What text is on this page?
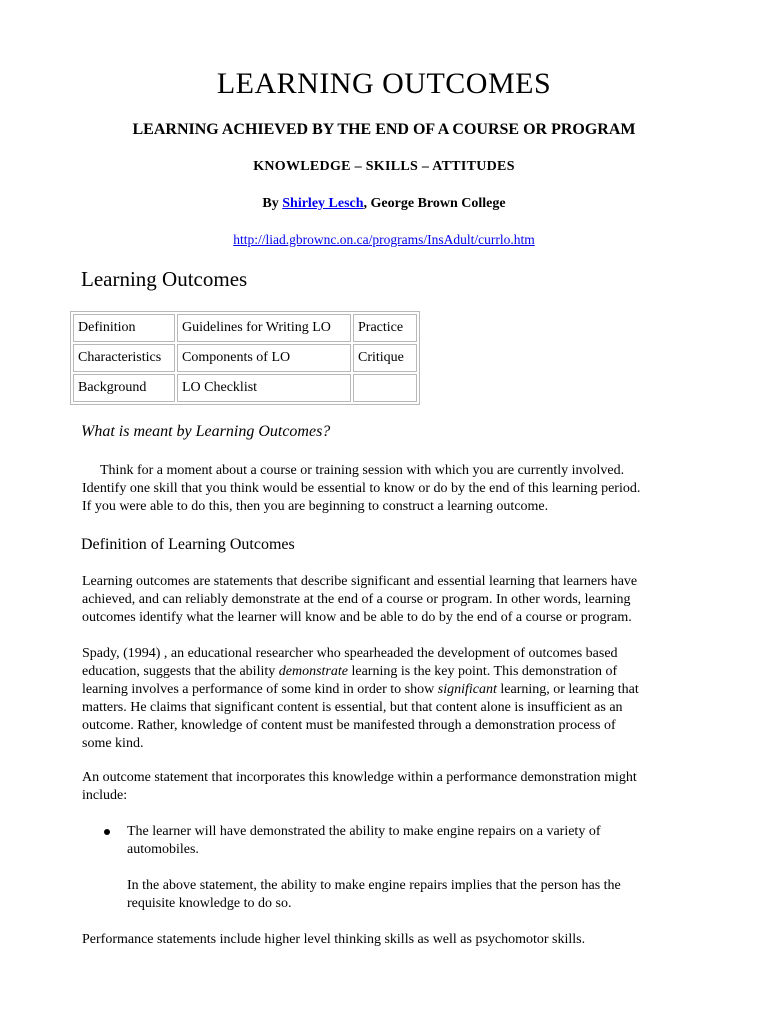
LEARNING OUTCOMES
LEARNING ACHIEVED BY THE END OF A COURSE OR PROGRAM
KNOWLEDGE – SKILLS – ATTITUDES
By Shirley Lesch, George Brown College
http://liad.gbrownc.on.ca/programs/InsAdult/currlo.htm
Learning Outcomes
Definition	Guidelines for Writing LO	Practice
Characteristics	Components of LO	Critique
Background	LO Checklist	
What is meant by Learning Outcomes?
Think for a moment about a course or training session with which you are currently involved.
Identify one skill that you think would be essential to know or do by the end of this learning period.
If you were able to do this, then you are beginning to construct a learning outcome.
Definition of Learning Outcomes
Learning outcomes are statements that describe significant and essential learning that learners have
achieved, and can reliably demonstrate at the end of a course or program. In other words, learning
outcomes identify what the learner will know and be able to do by the end of a course or program.
Spady, (1994) , an educational researcher who spearheaded the development of outcomes based
education, suggests that the ability demonstrate learning is the key point. This demonstration of
learning involves a performance of some kind in order to show significant learning, or learning that
matters. He claims that significant content is essential, but that content alone is insufficient as an
outcome. Rather, knowledge of content must be manifested through a demonstration process of
some kind.
An outcome statement that incorporates this knowledge within a performance demonstration might
include:
The learner will have demonstrated the ability to make engine repairs on a variety of
automobiles.
In the above statement, the ability to make engine repairs implies that the person has the
requisite knowledge to do so.
Performance statements include higher level thinking skills as well as psychomotor skills.
